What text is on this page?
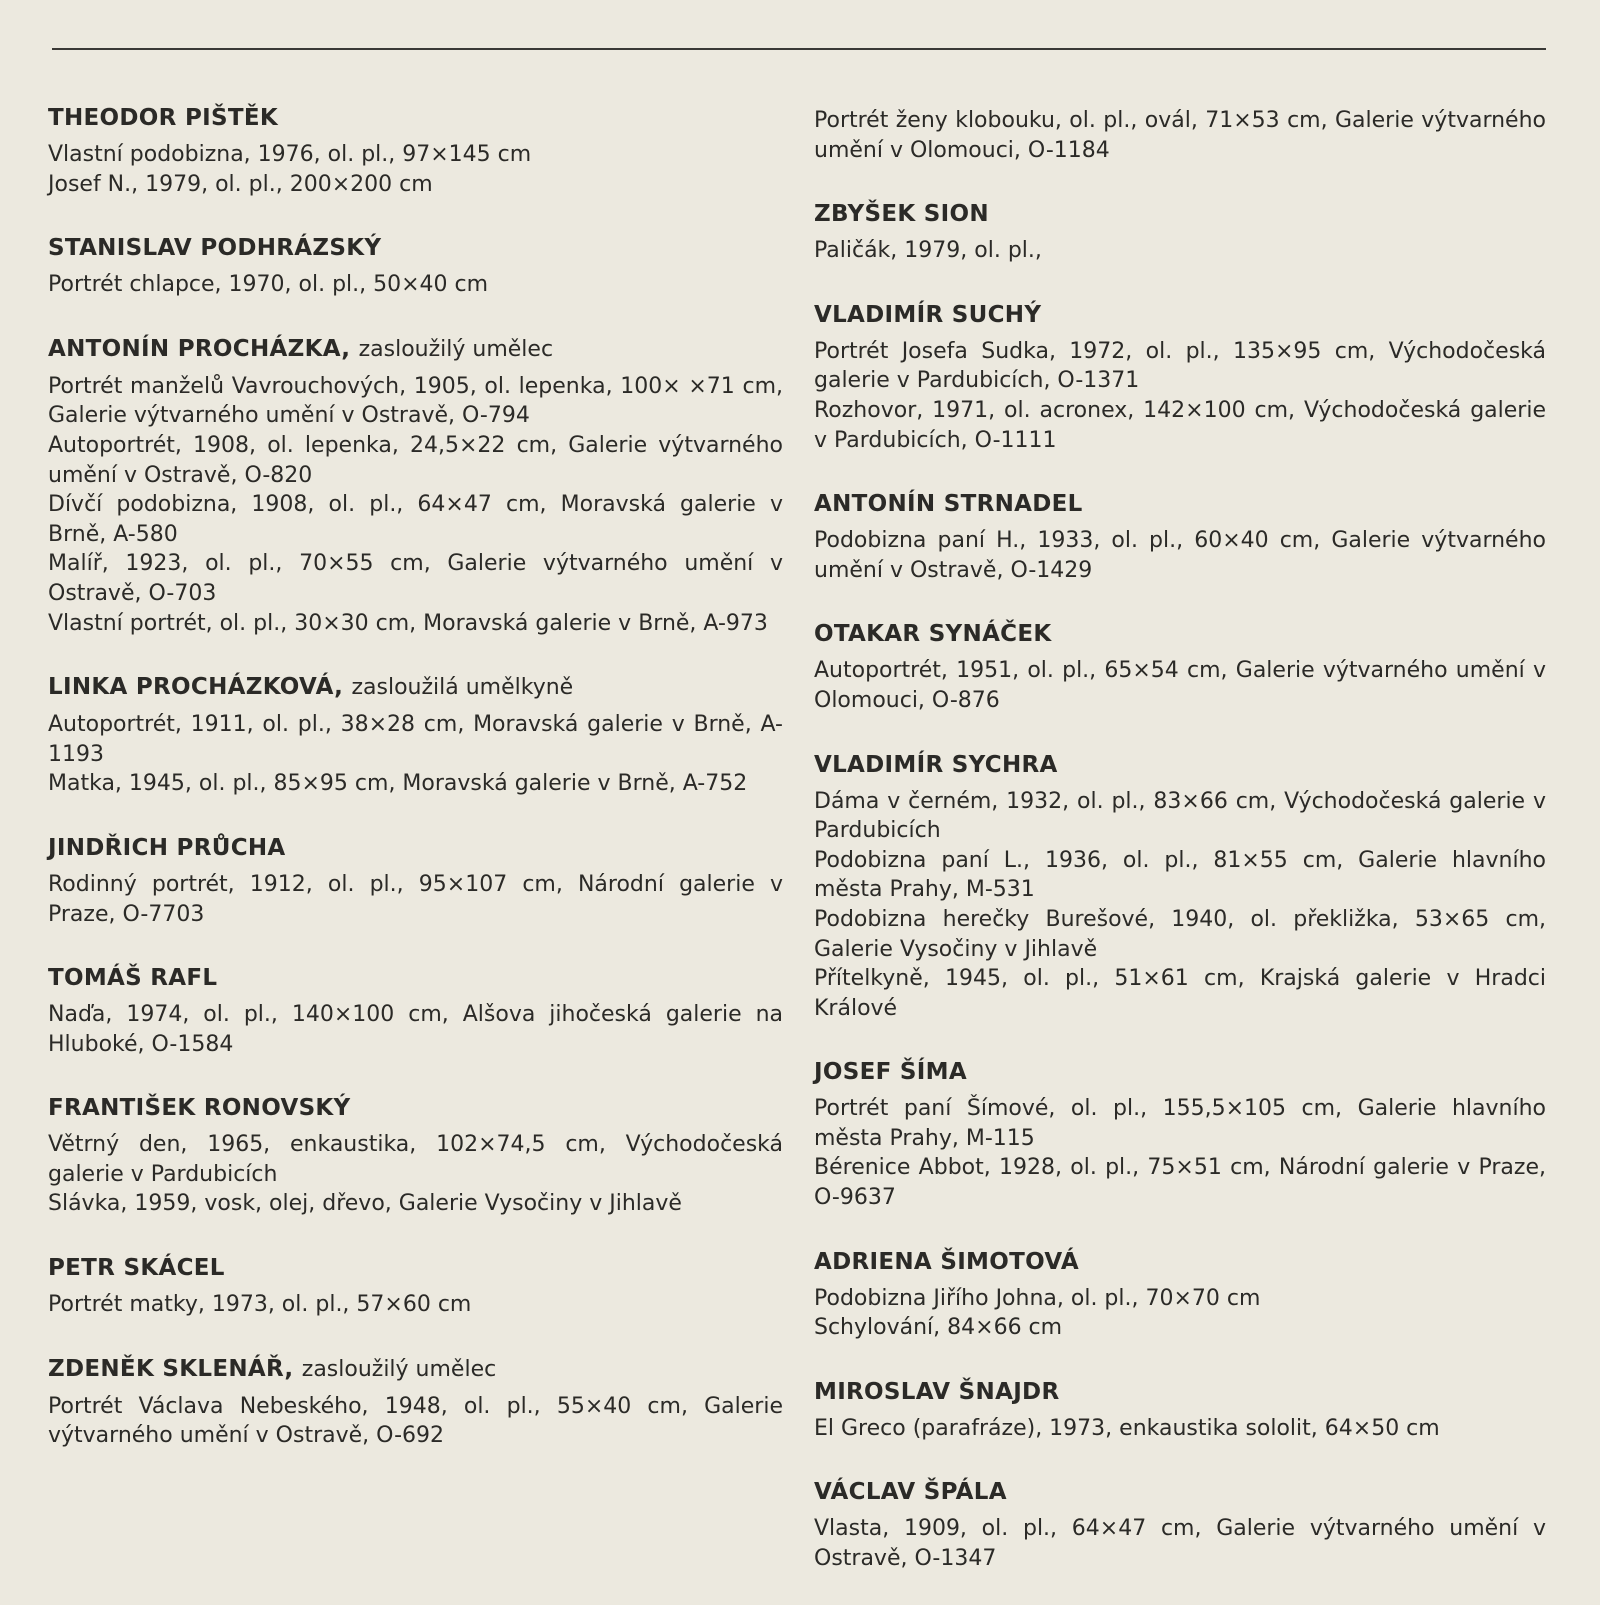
THEODOR PIŠTĚK

Vlastní podobizna, 1976, ol. pl., 97×145 cm

Josef N., 1979, ol. pl., 200×200 cm

STANISLAV PODHRÁZSKÝ

Portrét chlapce, 1970, ol. pl., 50×40 cm

ANTONÍN PROCHÁZKA, zasloužilý umělec

Portrét manželů Vavrouchových, 1905, ol. lepenka, 100× ×71 cm, Galerie výtvarného umění v Ostravě, O-794

Autoportrét, 1908, ol. lepenka, 24,5×22 cm, Galerie výtvarného umění v Ostravě, O-820

Dívčí podobizna, 1908, ol. pl., 64×47 cm, Moravská galerie v Brně, A-580

Malíř, 1923, ol. pl., 70×55 cm, Galerie výtvarného umění v Ostravě, O-703

Vlastní portrét, ol. pl., 30×30 cm, Moravská galerie v Brně, A-973

LINKA PROCHÁZKOVÁ, zasloužilá umělkyně

Autoportrét, 1911, ol. pl., 38×28 cm, Moravská galerie v Brně, A-1193

Matka, 1945, ol. pl., 85×95 cm, Moravská galerie v Brně, A-752

JINDŘICH PRŮCHA

Rodinný portrét, 1912, ol. pl., 95×107 cm, Národní galerie v Praze, O-7703

TOMÁŠ RAFL

Naďa, 1974, ol. pl., 140×100 cm, Alšova jihočeská galerie na Hluboké, O-1584

FRANTIŠEK RONOVSKÝ

Větrný den, 1965, enkaustika, 102×74,5 cm, Východočeská galerie v Pardubicích

Slávka, 1959, vosk, olej, dřevo, Galerie Vysočiny v Jihlavě

PETR SKÁCEL

Portrét matky, 1973, ol. pl., 57×60 cm

ZDENĚK SKLENÁŘ, zasloužilý umělec

Portrét Václava Nebeského, 1948, ol. pl., 55×40 cm, Galerie výtvarného umění v Ostravě, O-692

Portrét ženy klobouku, ol. pl., ovál, 71×53 cm, Galerie výtvarného umění v Olomouci, O-1184

ZBYŠEK SION

Paličák, 1979, ol. pl.,

VLADIMÍR SUCHÝ

Portrét Josefa Sudka, 1972, ol. pl., 135×95 cm, Východočeská galerie v Pardubicích, O-1371

Rozhovor, 1971, ol. acronex, 142×100 cm, Východočeská galerie v Pardubicích, O-1111

ANTONÍN STRNADEL

Podobizna paní H., 1933, ol. pl., 60×40 cm, Galerie výtvarného umění v Ostravě, O-1429

OTAKAR SYNÁČEK

Autoportrét, 1951, ol. pl., 65×54 cm, Galerie výtvarného umění v Olomouci, O-876

VLADIMÍR SYCHRA

Dáma v černém, 1932, ol. pl., 83×66 cm, Východočeská galerie v Pardubicích

Podobizna paní L., 1936, ol. pl., 81×55 cm, Galerie hlavního města Prahy, M-531

Podobizna herečky Burešové, 1940, ol. překližka, 53×65 cm, Galerie Vysočiny v Jihlavě

Přítelkyně, 1945, ol. pl., 51×61 cm, Krajská galerie v Hradci Králové

JOSEF ŠÍMA

Portrét paní Šímové, ol. pl., 155,5×105 cm, Galerie hlavního města Prahy, M-115

Bérenice Abbot, 1928, ol. pl., 75×51 cm, Národní galerie v Praze, O-9637

ADRIENA ŠIMOTOVÁ

Podobizna Jiřího Johna, ol. pl., 70×70 cm

Schylování, 84×66 cm

MIROSLAV ŠNAJDR

El Greco (parafráze), 1973, enkaustika sololit, 64×50 cm

VÁCLAV ŠPÁLA

Vlasta, 1909, ol. pl., 64×47 cm, Galerie výtvarného umění v Ostravě, O-1347
